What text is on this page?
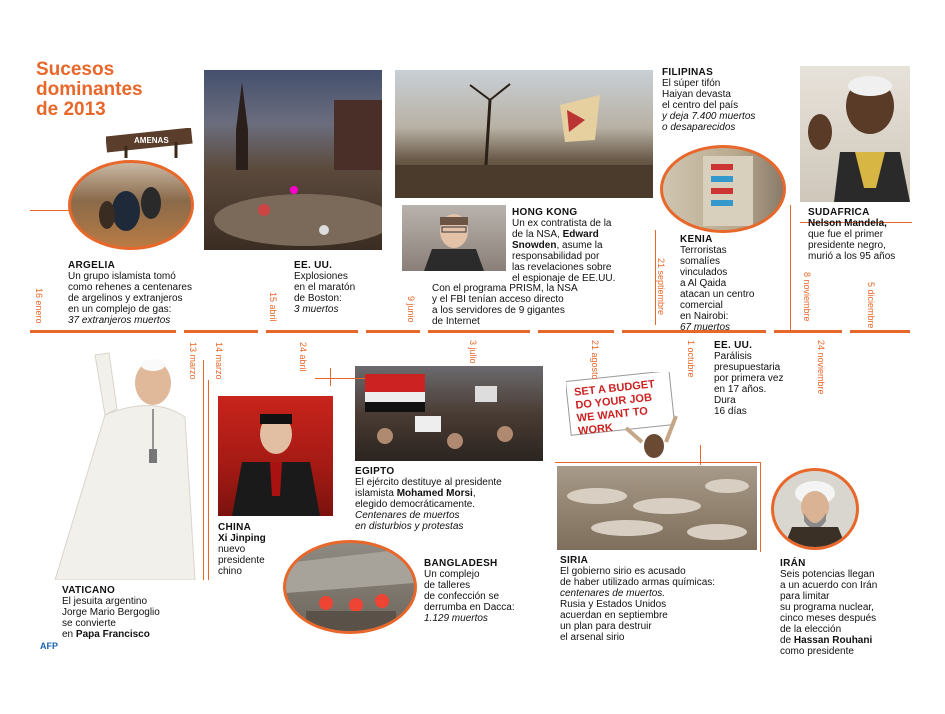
Sucesos
dominantes
de 2013
AMENAS
SET A BUDGET DO YOUR JOB WE WANT TO WORK
16 enero
13 marzo 14 marzo
15 abril
24 abril
9 junio
3 julio	21 agosto
21 septiembre
1 octubre
8 noviembre
24 noviembre
5 diciembre
ARGELIA
Un grupo islamista tomó
como rehenes a centenares
de argelinos y extranjeros
en un complejo de gas:
37 extranjeros muertos
EE. UU.
Explosiones
en el maratón
de Boston:
3 muertos
HONG KONG
Un ex contratista de la
de la NSA, Edward
Snowden, asume la
responsabilidad por
las revelaciones sobre
el espionaje de EE.UU.
Con el programa PRISM, la NSA
y el FBI tenían acceso directo
a los servidores de 9 gigantes
de Internet
FILIPINAS
El súper tifón
Haiyan devasta
el centro del país
y deja 7.400 muertos
o desaparecidos
KENIA
Terroristas
somalíes
vinculados
a Al Qaida
atacan un centro
comercial
en Nairobi:
67 muertos
SUDÁFRICA
Nelson Mandela,
que fue el primer
presidente negro,
murió a los 95 años
VATICANO
El jesuita argentino
Jorge Mario Bergoglio
se convierte
en Papa Francisco
CHINA
Xi Jinping
nuevo
presidente
chino
EGIPTO
El ejército destituye al presidente
islamista Mohamed Morsi,
elegido democráticamente.
Centenares de muertos
en disturbios y protestas
BANGLADESH
Un complejo
de talleres
de confección se
derrumba en Dacca:
1.129 muertos
SIRIA
El gobierno sirio es acusado
de haber utilizado armas químicas:
centenares de muertos.
Rusia y Estados Unidos
acuerdan en septiembre
un plan para destruir
el arsenal sirio
EE. UU.
Parálisis
presupuestaria
por primera vez
en 17 años.
Dura
16 días
IRÁN
Seis potencias llegan
a un acuerdo con Irán
para limitar
su programa nuclear,
cinco meses después
de la elección
de Hassan Rouhani
como presidente
AFP
